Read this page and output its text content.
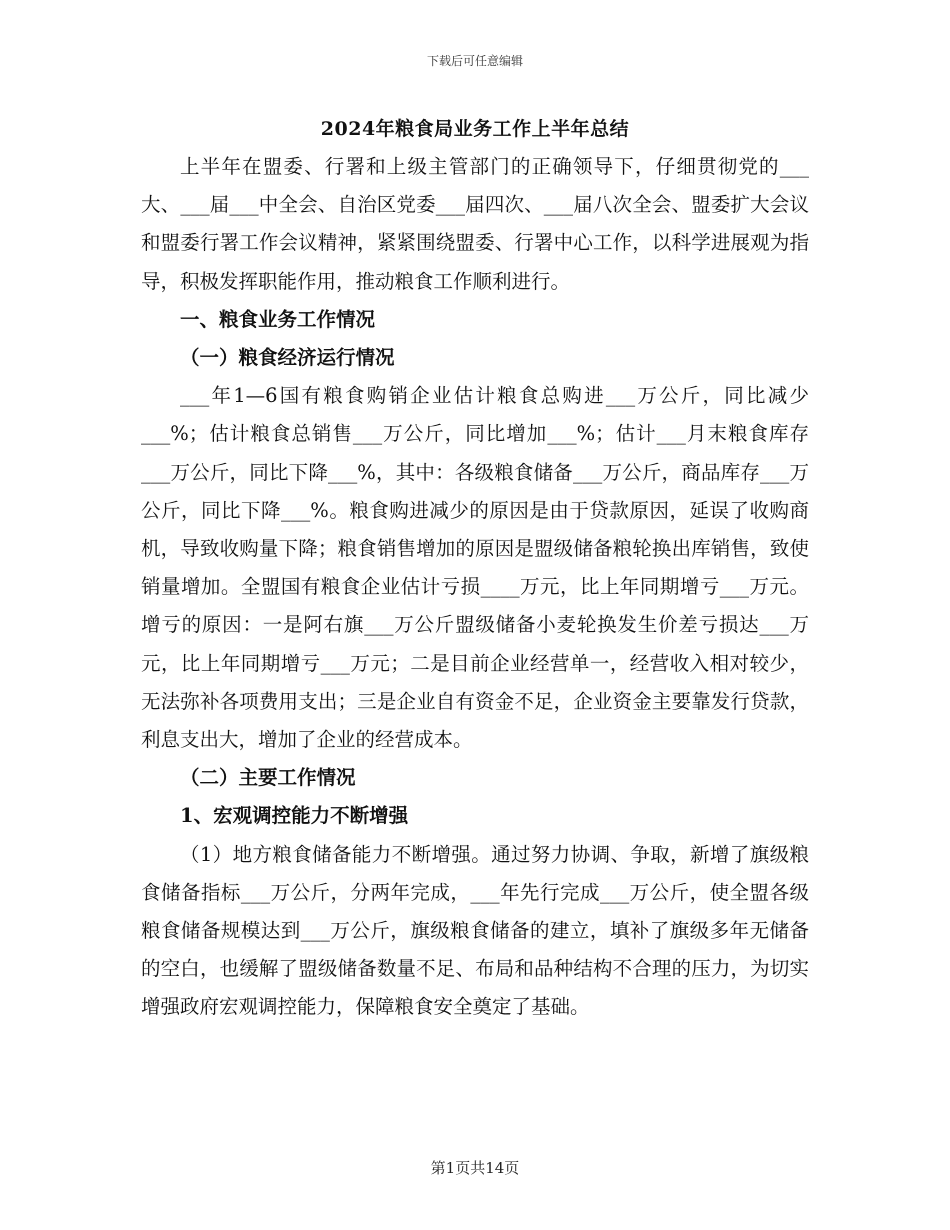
下载后可任意编辑
2024年粮食局业务工作上半年总结

上半年在盟委、行署和上级主管部门的正确领导下，仔细贯彻党的___大、___届___中全会、自治区党委___届四次、___届八次全会、盟委扩大会议和盟委行署工作会议精神，紧紧围绕盟委、行署中心工作，以科学进展观为指导，积极发挥职能作用，推动粮食工作顺利进行。

一、粮食业务工作情况

（一）粮食经济运行情况

___年1—6国有粮食购销企业估计粮食总购进___万公斤，同比减少___%；估计粮食总销售___万公斤，同比增加___%；估计___月末粮食库存___万公斤，同比下降___%，其中：各级粮食储备___万公斤，商品库存___万公斤，同比下降___%。粮食购进减少的原因是由于贷款原因，延误了收购商机，导致收购量下降；粮食销售增加的原因是盟级储备粮轮换出库销售，致使销量增加。全盟国有粮食企业估计亏损____万元，比上年同期增亏___万元。增亏的原因：一是阿右旗___万公斤盟级储备小麦轮换发生价差亏损达___万元，比上年同期增亏___万元；二是目前企业经营单一，经营收入相对较少，无法弥补各项费用支出；三是企业自有资金不足，企业资金主要靠发行贷款，利息支出大，增加了企业的经营成本。

（二）主要工作情况

1、宏观调控能力不断增强

（1）地方粮食储备能力不断增强。通过努力协调、争取，新增了旗级粮食储备指标___万公斤，分两年完成，___年先行完成___万公斤，使全盟各级粮食储备规模达到___万公斤，旗级粮食储备的建立，填补了旗级多年无储备的空白，也缓解了盟级储备数量不足、布局和品种结构不合理的压力，为切实增强政府宏观调控能力，保障粮食安全奠定了基础。

第1页共14页
